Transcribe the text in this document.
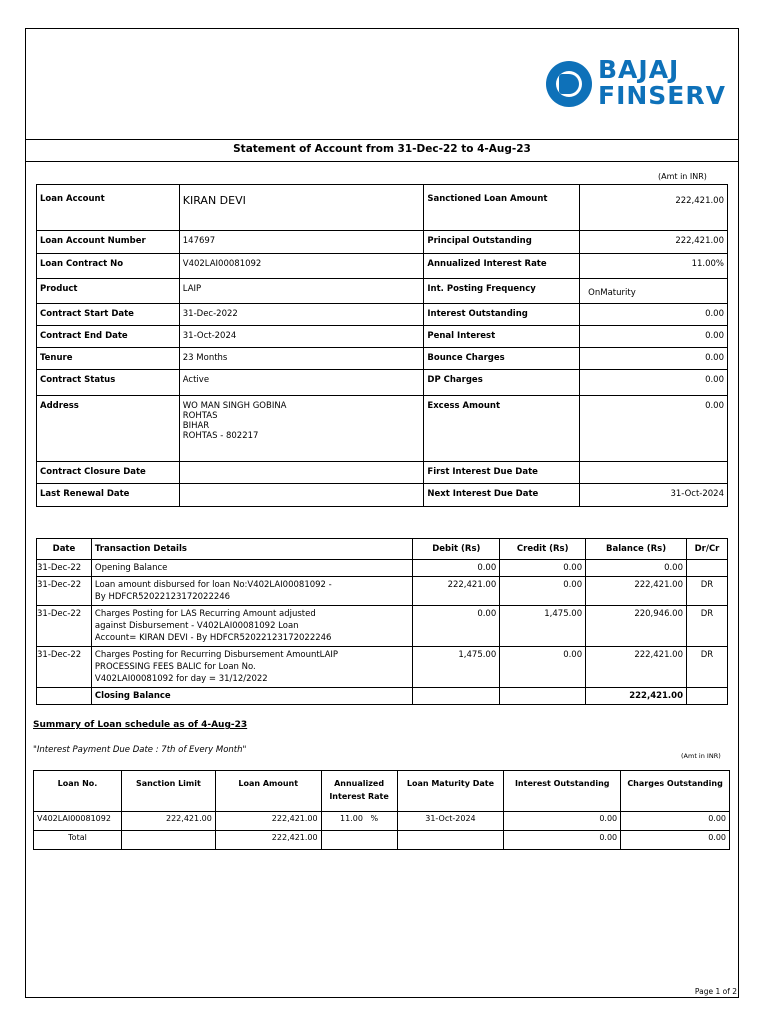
BAJAJ
FINSERV
Statement of Account from 31-Dec-22 to 4-Aug-23
(Amt in INR)
Loan Account	KIRAN DEVI	Sanctioned Loan Amount	222,421.00
Loan Account Number	147697	Principal Outstanding	222,421.00
Loan Contract No	V402LAI00081092	Annualized Interest Rate	11.00%
Product	LAIP	Int. Posting Frequency	OnMaturity
Contract Start Date	31-Dec-2022	Interest Outstanding	0.00
Contract End Date	31-Oct-2024	Penal Interest	0.00
Tenure	23 Months	Bounce Charges	0.00
Contract Status	Active	DP Charges	0.00
Address	WO MAN SINGH GOBINA
ROHTAS
BIHAR
ROHTAS - 802217	Excess Amount	0.00
Contract Closure Date		First Interest Due Date	
Last Renewal Date		Next Interest Due Date	31-Oct-2024
Date	Transaction Details	Debit (Rs)	Credit (Rs)	Balance (Rs)	Dr/Cr
31-Dec-22	Opening Balance	0.00	0.00	0.00	
31-Dec-22	Loan amount disbursed for loan No:V402LAI00081092 -
By HDFCR52022123172022246	222,421.00	0.00	222,421.00	DR
31-Dec-22	Charges Posting for LAS Recurring Amount adjusted
against Disbursement - V402LAI00081092 Loan
Account= KIRAN DEVI - By HDFCR52022123172022246	0.00	1,475.00	220,946.00	DR
31-Dec-22	Charges Posting for Recurring Disbursement AmountLAIP
PROCESSING FEES BALIC for Loan No.
V402LAI00081092 for day = 31/12/2022	1,475.00	0.00	222,421.00	DR
	Closing Balance			222,421.00	
Summary of Loan schedule as of 4-Aug-23
"Interest Payment Due Date : 7th of Every Month"
(Amt in INR)
Loan No.	Sanction Limit	Loan Amount	Annualized
Interest Rate	Loan Maturity Date	Interest Outstanding	Charges Outstanding
V402LAI00081092	222,421.00	222,421.00	11.00   %	31-Oct-2024	0.00	0.00
Total		222,421.00			0.00	0.00
Page 1 of 2
